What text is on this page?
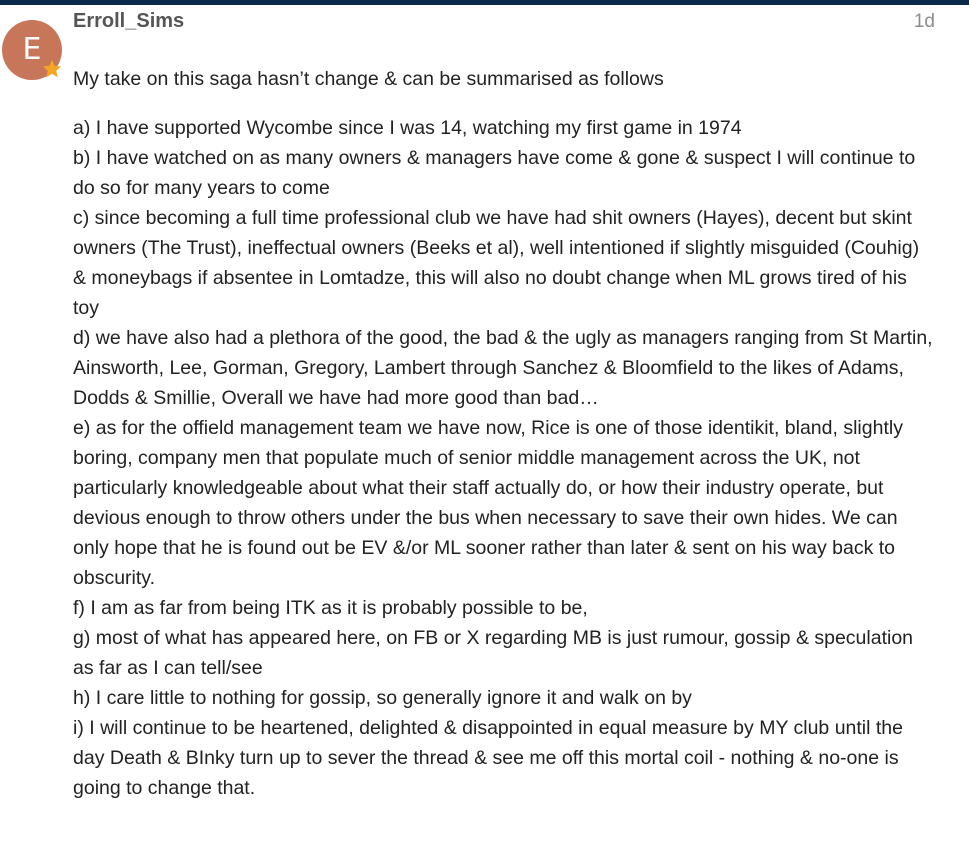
E
Erroll_Sims	1d

My take on this saga hasn’t change & can be summarised as follows

a) I have supported Wycombe since I was 14, watching my first game in 1974

b) I have watched on as many owners & managers have come & gone & suspect I will continue to do so for many years to come

c) since becoming a full time professional club we have had shit owners (Hayes), decent but skint owners (The Trust), ineffectual owners (Beeks et al), well intentioned if slightly misguided (Couhig) & moneybags if absentee in Lomtadze, this will also no doubt change when ML grows tired of his toy

d) we have also had a plethora of the good, the bad & the ugly as managers ranging from St Martin, Ainsworth, Lee, Gorman, Gregory, Lambert through Sanchez & Bloomfield to the likes of Adams, Dodds & Smillie, Overall we have had more good than bad…

e) as for the offield management team we have now, Rice is one of those identikit, bland, slightly boring, company men that populate much of senior middle management across the UK, not particularly knowledgeable about what their staff actually do, or how their industry operate, but devious enough to throw others under the bus when necessary to save their own hides. We can only hope that he is found out be EV &/or ML sooner rather than later & sent on his way back to obscurity.

f) I am as far from being ITK as it is probably possible to be,

g) most of what has appeared here, on FB or X regarding MB is just rumour, gossip & speculation as far as I can tell/see

h) I care little to nothing for gossip, so generally ignore it and walk on by

i) I will continue to be heartened, delighted & disappointed in equal measure by MY club until the day Death & BInky turn up to sever the thread & see me off this mortal coil - nothing & no-one is going to change that.
